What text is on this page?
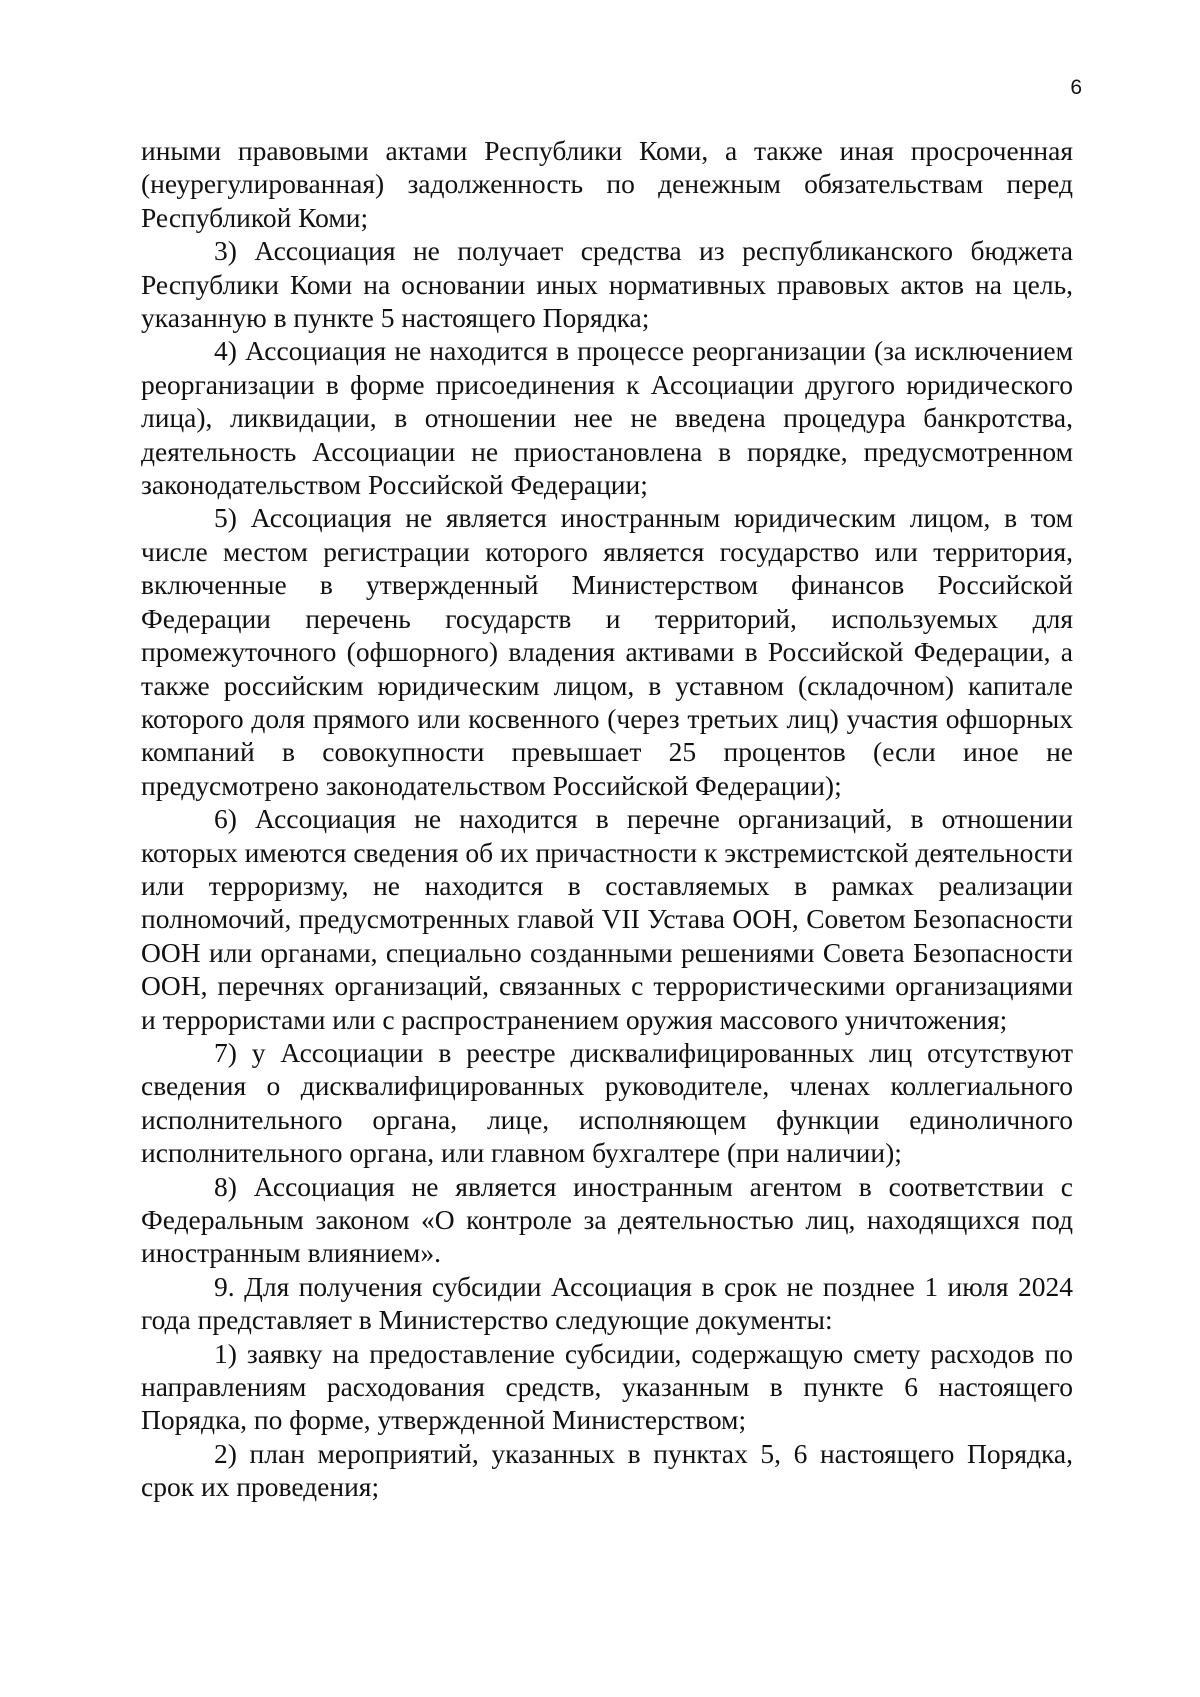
6

иными правовыми актами Республики Коми, а также иная просроченная (неурегулированная) задолженность по денежным обязательствам перед Республикой Коми;

3) Ассоциация не получает средства из республиканского бюджета Республики Коми на основании иных нормативных правовых актов на цель, указанную в пункте 5 настоящего Порядка;

4) Ассоциация не находится в процессе реорганизации (за исключением реорганизации в форме присоединения к Ассоциации другого юридического лица), ликвидации, в отношении нее не введена процедура банкротства, деятельность Ассоциации не приостановлена в порядке, предусмотренном законодательством Российской Федерации;

5) Ассоциация не является иностранным юридическим лицом, в том числе местом регистрации которого является государство или территория, включенные в утвержденный Министерством финансов Российской Федерации перечень государств и территорий, используемых для промежуточного (офшорного) владения активами в Российской Федерации, а также российским юридическим лицом, в уставном (складочном) капитале которого доля прямого или косвенного (через третьих лиц) участия офшорных компаний в совокупности превышает 25 процентов (если иное не предусмотрено законодательством Российской Федерации);

6) Ассоциация не находится в перечне организаций, в отношении которых имеются сведения об их причастности к экстремистской деятельности или терроризму, не находится в составляемых в рамках реализации полномочий, предусмотренных главой VII Устава ООН, Советом Безопасности ООН или органами, специально созданными решениями Совета Безопасности ООН, перечнях организаций, связанных с террористическими организациями и террористами или с распространением оружия массового уничтожения;

7) у Ассоциации в реестре дисквалифицированных лиц отсутствуют сведения о дисквалифицированных руководителе, членах коллегиального исполнительного органа, лице, исполняющем функции единоличного исполнительного органа, или главном бухгалтере (при наличии);

8) Ассоциация не является иностранным агентом в соответствии с Федеральным законом «О контроле за деятельностью лиц, находящихся под иностранным влиянием».

9. Для получения субсидии Ассоциация в срок не позднее 1 июля 2024 года представляет в Министерство следующие документы:

1) заявку на предоставление субсидии, содержащую смету расходов по направлениям расходования средств, указанным в пункте 6 настоящего Порядка, по форме, утвержденной Министерством;

2) план мероприятий, указанных в пунктах 5, 6 настоящего Порядка, срок их проведения;
